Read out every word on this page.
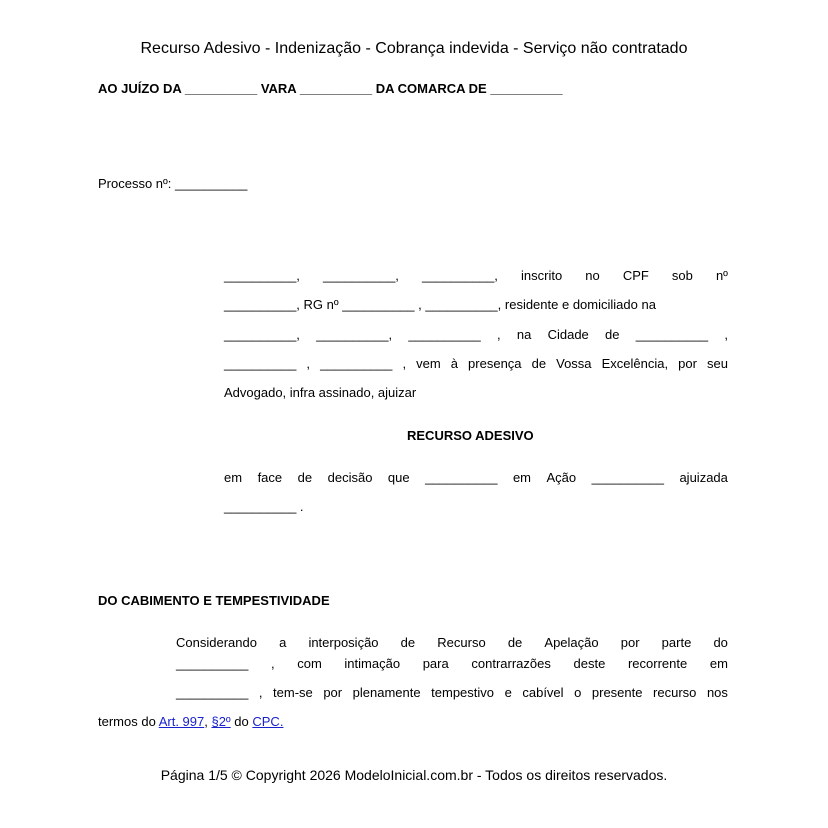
Recurso Adesivo - Indenização - Cobrança indevida - Serviço não contratado
AO JUÍZO DA __________ VARA __________ DA COMARCA DE __________
Processo nº: __________
__________, __________, __________, inscrito no CPF sob nº
__________, RG nº __________ , __________, residente e domiciliado na
__________, __________, __________ , na Cidade de __________ ,
__________ , __________ , vem à presença de Vossa Excelência, por seu
Advogado, infra assinado, ajuizar
RECURSO ADESIVO
em face de decisão que __________ em Ação __________ ajuizada
__________ .
DO CABIMENTO E TEMPESTIVIDADE
Considerando a interposição de Recurso de Apelação por parte do
__________ , com intimação para contrarrazões deste recorrente em
__________ , tem-se por plenamente tempestivo e cabível o presente recurso nos
termos do Art. 997, §2º do CPC.
Página 1/5 © Copyright 2026 ModeloInicial.com.br - Todos os direitos reservados.
